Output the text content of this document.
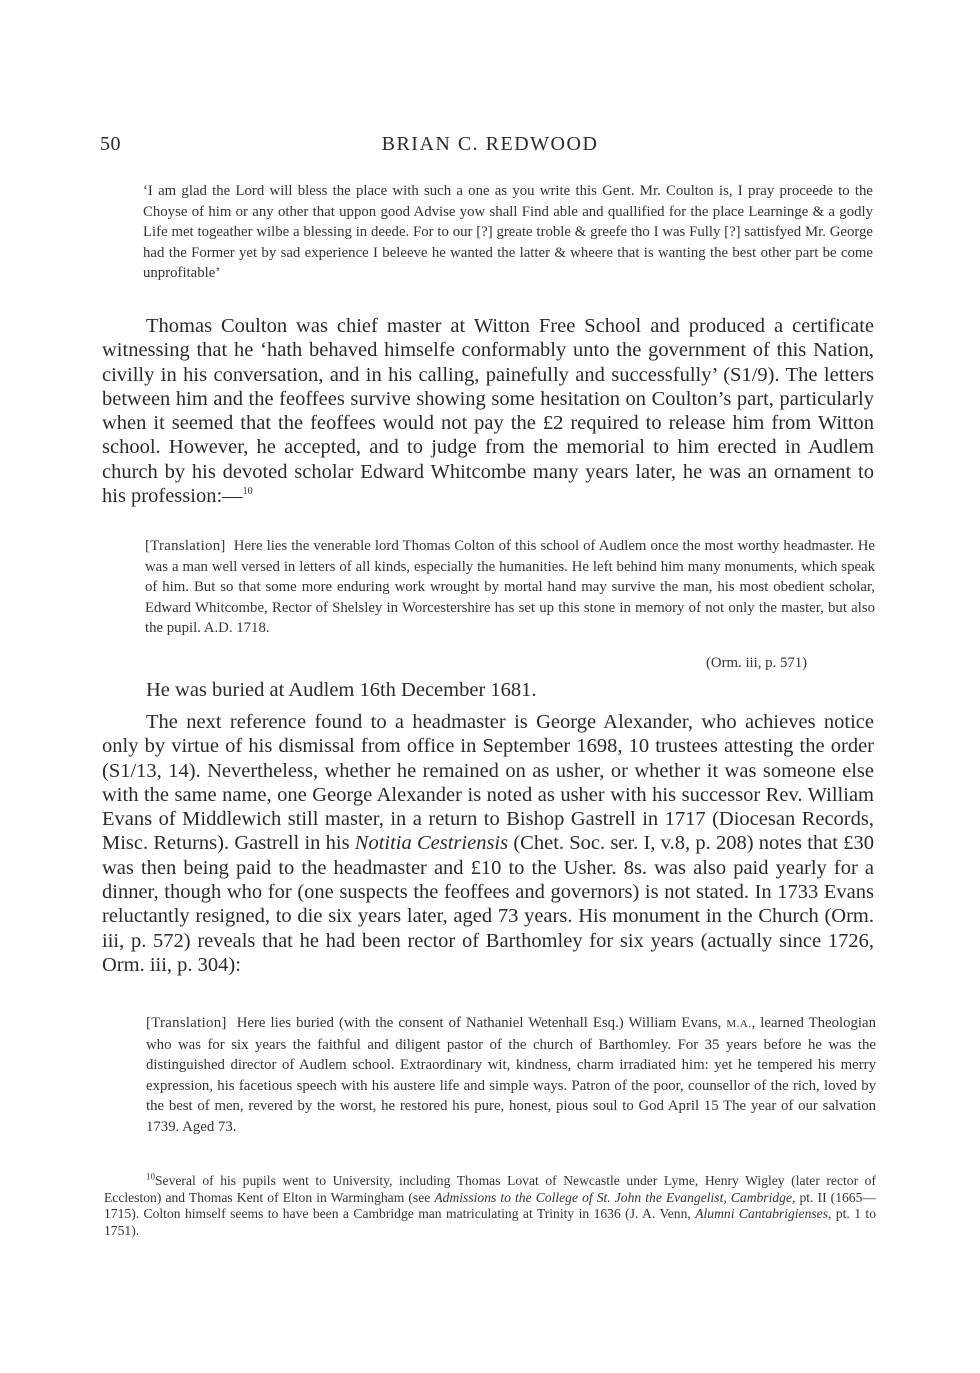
50	BRIAN C. REDWOOD
‘I am glad the Lord will bless the place with such a one as you write this Gent. Mr. Coulton is, I pray proceede to the Choyse of him or any other that uppon good Advise yow shall Find able and quallified for the place Learninge & a godly Life met togeather wilbe a blessing in deede. For to our [?] greate troble & greefe tho I was Fully [?] sattisfyed Mr. George had the Former yet by sad experience I beleeve he wanted the latter & wheere that is wanting the best other part be come unprofitable’
Thomas Coulton was chief master at Witton Free School and produced a certificate witnessing that he ‘hath behaved himselfe conformably unto the government of this Nation, civilly in his conversation, and in his calling, painefully and successfully’ (S1/9). The letters between him and the feoffees survive showing some hesitation on Coulton’s part, particularly when it seemed that the feoffees would not pay the £2 required to release him from Witton school. However, he accepted, and to judge from the memorial to him erected in Audlem church by his devoted scholar Edward Whitcombe many years later, he was an ornament to his profession:—$^{10}$
[Translation] Here lies the venerable lord Thomas Colton of this school of Audlem once the most worthy headmaster. He was a man well versed in letters of all kinds, especially the humanities. He left behind him many monuments, which speak of him. But so that some more enduring work wrought by mortal hand may survive the man, his most obedient scholar, Edward Whitcombe, Rector of Shelsley in Worcestershire has set up this stone in memory of not only the master, but also the pupil. A.D. 1718.
(Orm. iii, p. 571)
He was buried at Audlem 16th December 1681.
The next reference found to a headmaster is George Alexander, who achieves notice only by virtue of his dismissal from office in September 1698, 10 trustees attesting the order (S1/13, 14). Nevertheless, whether he remained on as usher, or whether it was someone else with the same name, one George Alexander is noted as usher with his successor Rev. William Evans of Middlewich still master, in a return to Bishop Gastrell in 1717 (Diocesan Records, Misc. Returns). Gastrell in his Notitia Cestriensis (Chet. Soc. ser. I, v.8, p. 208) notes that £30 was then being paid to the headmaster and £10 to the Usher. 8s. was also paid yearly for a dinner, though who for (one suspects the feoffees and governors) is not stated. In 1733 Evans reluctantly resigned, to die six years later, aged 73 years. His monument in the Church (Orm. iii, p. 572) reveals that he had been rector of Barthomley for six years (actually since 1726, Orm. iii, p. 304):
[Translation] Here lies buried (with the consent of Nathaniel Wetenhall Esq.) William Evans, M.A., learned Theologian who was for six years the faithful and diligent pastor of the church of Barthomley. For 35 years before he was the distinguished director of Audlem school. Extraordinary wit, kindness, charm irradiated him: yet he tempered his merry expression, his facetious speech with his austere life and simple ways. Patron of the poor, counsellor of the rich, loved by the best of men, revered by the worst, he restored his pure, honest, pious soul to God April 15 The year of our salvation 1739. Aged 73.
$^{10}$Several of his pupils went to University, including Thomas Lovat of Newcastle under Lyme, Henry Wigley (later rector of Eccleston) and Thomas Kent of Elton in Warmingham (see Admissions to the College of St. John the Evangelist, Cambridge, pt. II (1665—1715). Colton himself seems to have been a Cambridge man matriculating at Trinity in 1636 (J. A. Venn, Alumni Cantabrigienses, pt. 1 to 1751).
